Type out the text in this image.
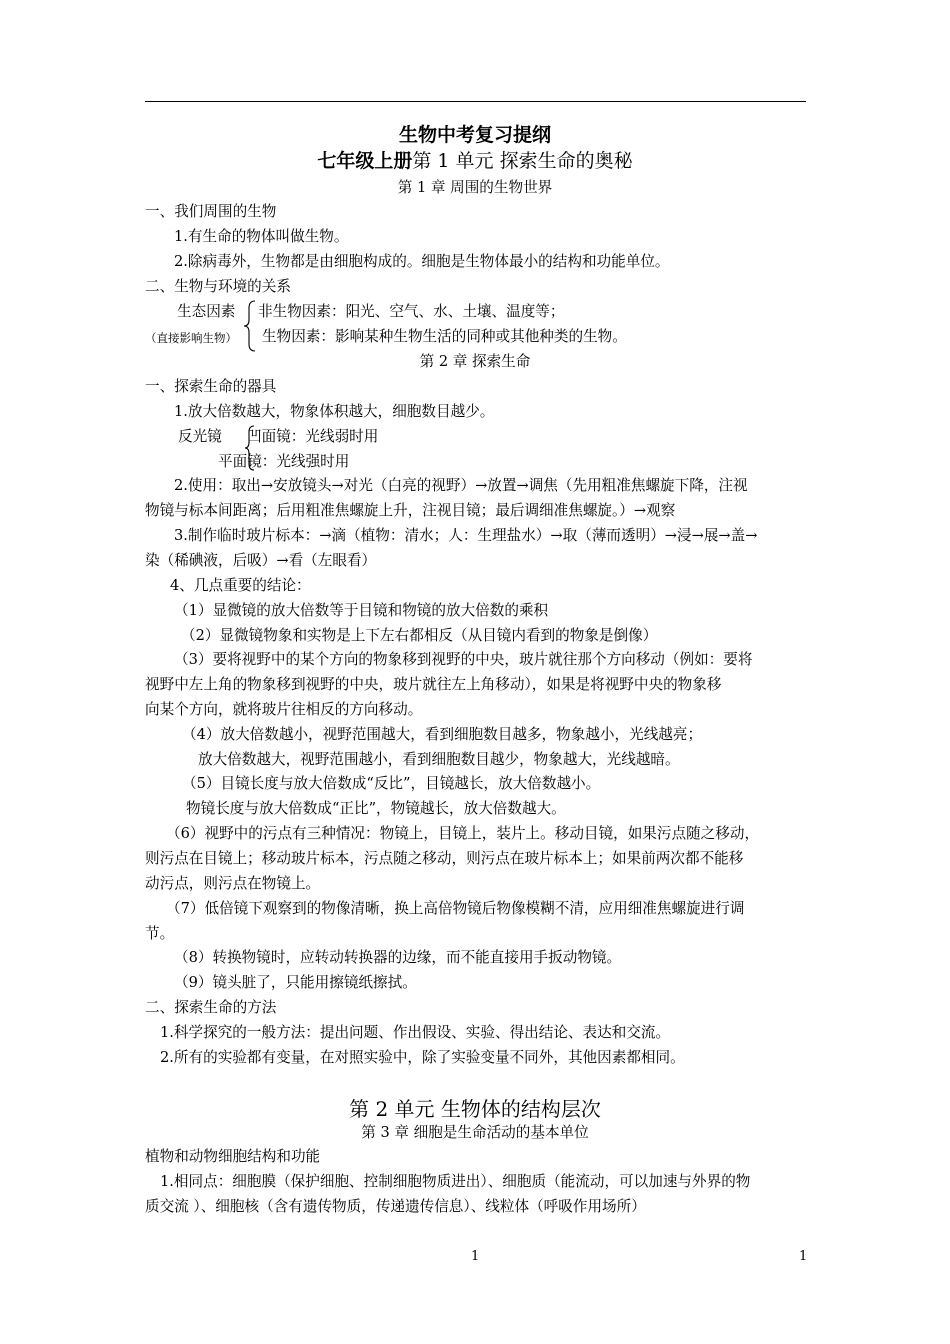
生物中考复习提纲
七年级上册第 1 单元 探索生命的奥秘
第 1 章 周围的生物世界
一、我们周围的生物
1.有生命的物体叫做生物。
2.除病毒外，生物都是由细胞构成的。细胞是生物体最小的结构和功能单位。
二、生物与环境的关系
生态因素
（直接影响生物）
非生物因素：阳光、空气、水、土壤、温度等；
生物因素：影响某种生物生活的同种或其他种类的生物。
第 2 章 探索生命
一、探索生命的器具
1.放大倍数越大，物象体积越大，细胞数目越少。
反光镜 凹面镜：光线弱时用
平面镜：光线强时用
2.使用：取出→安放镜头→对光（白亮的视野）→放置→调焦（先用粗准焦螺旋下降，注视
物镜与标本间距离；后用粗准焦螺旋上升，注视目镜；最后调细准焦螺旋。）→观察
3.制作临时玻片标本：→滴（植物：清水；人：生理盐水）→取（薄而透明）→浸→展→盖→
染（稀碘液，后吸）→看（左眼看）
4、几点重要的结论：
（1）显微镜的放大倍数等于目镜和物镜的放大倍数的乘积
（2）显微镜物象和实物是上下左右都相反（从目镜内看到的物象是倒像）
（3）要将视野中的某个方向的物象移到视野的中央，玻片就往那个方向移动（例如：要将
视野中左上角的物象移到视野的中央，玻片就往左上角移动），如果是将视野中央的物象移
向某个方向，就将玻片往相反的方向移动。
（4）放大倍数越小，视野范围越大，看到细胞数目越多，物象越小，光线越亮；
放大倍数越大，视野范围越小，看到细胞数目越少，物象越大，光线越暗。
（5）目镜长度与放大倍数成“反比”，目镜越长，放大倍数越小。
物镜长度与放大倍数成“正比”，物镜越长，放大倍数越大。
（6）视野中的污点有三种情况：物镜上，目镜上，装片上。移动目镜，如果污点随之移动，
则污点在目镜上；移动玻片标本，污点随之移动，则污点在玻片标本上；如果前两次都不能移
动污点，则污点在物镜上。
（7）低倍镜下观察到的物像清晰，换上高倍物镜后物像模糊不清，应用细准焦螺旋进行调
节。
（8）转换物镜时，应转动转换器的边缘，而不能直接用手扳动物镜。
（9）镜头脏了，只能用擦镜纸擦拭。
二、探索生命的方法
1.科学探究的一般方法：提出问题、作出假设、实验、得出结论、表达和交流。
2.所有的实验都有变量，在对照实验中，除了实验变量不同外，其他因素都相同。
第 2 单元 生物体的结构层次
第 3 章 细胞是生命活动的基本单位
植物和动物细胞结构和功能
1.相同点：细胞膜（保护细胞、控制细胞物质进出）、细胞质（能流动，可以加速与外界的物
质交流 ）、细胞核（含有遗传物质，传递遗传信息）、线粒体（呼吸作用场所）
1	1
